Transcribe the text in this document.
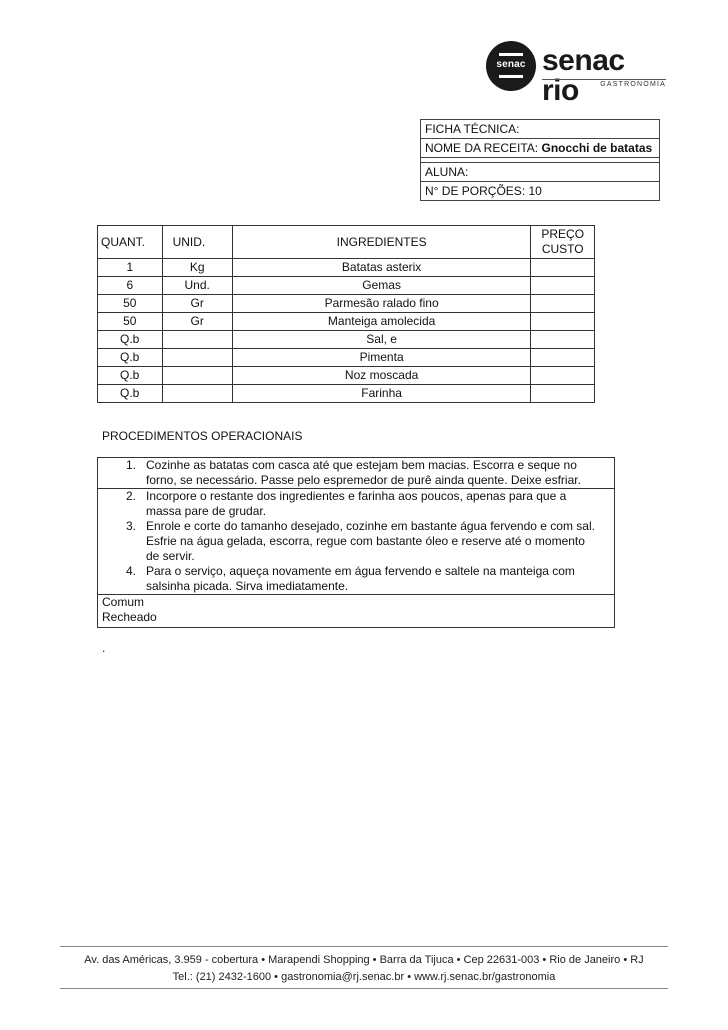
senac senac rio	GASTRONOMIA
FICHA TÉCNICA:
NOME DA RECEITA: Gnocchi de batatas

ALUNA:
N° DE PORÇÕES: 10
QUANT.	UNID.	INGREDIENTES	PREÇO
CUSTO
1	Kg	Batatas asterix	
6	Und.	Gemas	
50	Gr	Parmesão ralado fino	
50	Gr	Manteiga amolecida	
Q.b		Sal, e	
Q.b		Pimenta	
Q.b		Noz moscada	
Q.b		Farinha	
PROCEDIMENTOS OPERACIONAIS
1. Cozinhe as batatas com casca até que estejam bem macias. Escorra e seque no
forno, se necessário. Passe pelo espremedor de purê ainda quente. Deixe esfriar.
2. Incorpore o restante dos ingredientes e farinha aos poucos, apenas para que a
massa pare de grudar.
3. Enrole e corte do tamanho desejado, cozinhe em bastante água fervendo e com sal.
Esfrie na água gelada, escorra, regue com bastante óleo e reserve até o momento
de servir.
4. Para o serviço, aqueça novamente em água fervendo e saltele na manteiga com
salsinha picada. Sirva imediatamente.
Comum
Recheado
.
Av. das Américas, 3.959 - cobertura • Marapendi Shopping • Barra da Tijuca • Cep 22631-003 • Rio de Janeiro • RJ
Tel.: (21) 2432-1600 • gastronomia@rj.senac.br • www.rj.senac.br/gastronomia
